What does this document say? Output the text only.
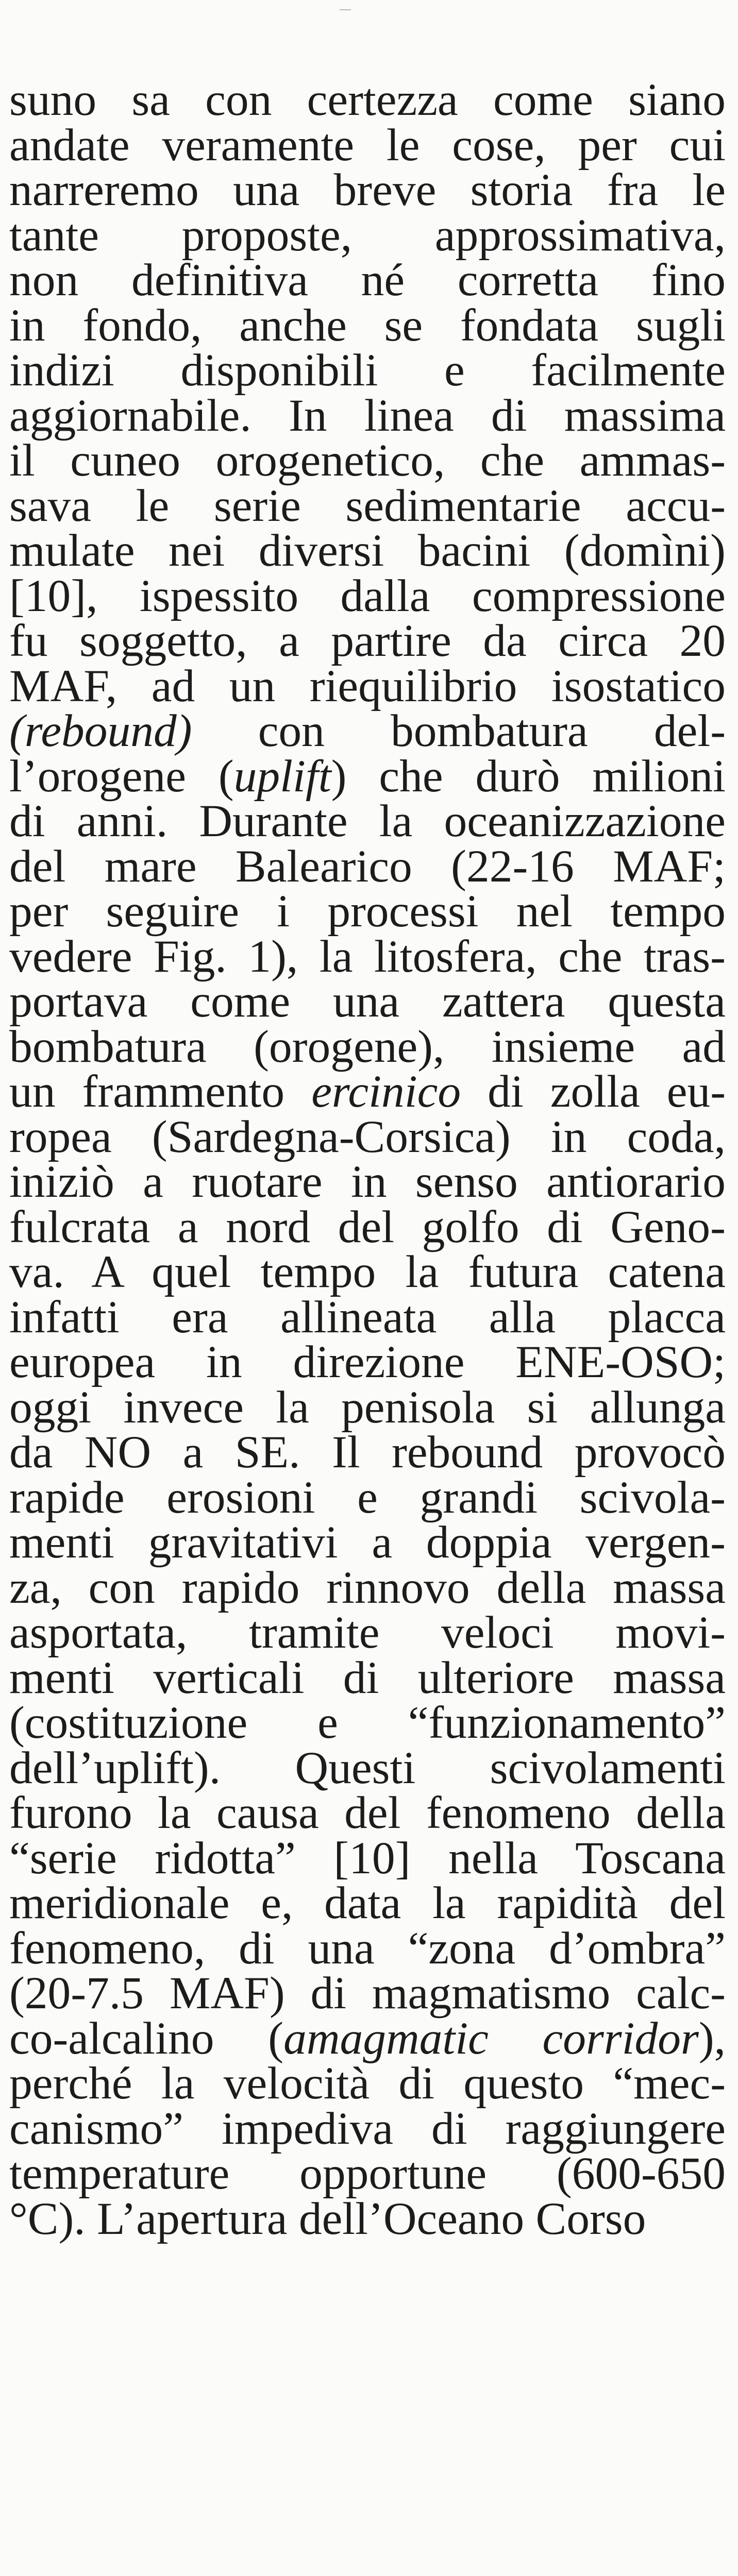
—
suno sa con certezza come siano
andate veramente le cose, per cui
narreremo una breve storia fra le
tante proposte, approssimativa,
non definitiva né corretta fino
in fondo, anche se fondata sugli
indizi disponibili e facilmente
aggiornabile. In linea di massima
il cuneo orogenetico, che ammas-
sava le serie sedimentarie accu-
mulate nei diversi bacini (domìni)
[10], ispessito dalla compressione
fu soggetto, a partire da circa 20
MAF, ad un riequilibrio isostatico
(rebound) con bombatura del-
l’orogene (uplift) che durò milioni
di anni. Durante la oceanizzazione
del mare Balearico (22-16 MAF;
per seguire i processi nel tempo
vedere Fig. 1), la litosfera, che tras-
portava come una zattera questa
bombatura (orogene), insieme ad
un frammento ercinico di zolla eu-
ropea (Sardegna-Corsica) in coda,
iniziò a ruotare in senso antiorario
fulcrata a nord del golfo di Geno-
va. A quel tempo la futura catena
infatti era allineata alla placca
europea in direzione ENE-OSO;
oggi invece la penisola si allunga
da NO a SE. Il rebound provocò
rapide erosioni e grandi scivola-
menti gravitativi a doppia vergen-
za, con rapido rinnovo della massa
asportata, tramite veloci movi-
menti verticali di ulteriore massa
(costituzione e “funzionamento”
dell’uplift). Questi scivolamenti
furono la causa del fenomeno della
“serie ridotta” [10] nella Toscana
meridionale e, data la rapidità del
fenomeno, di una “zona d’ombra”
(20-7.5 MAF) di magmatismo calc-
co-alcalino (amagmatic corridor),
perché la velocità di questo “mec-
canismo” impediva di raggiungere
temperature opportune (600-650
°C). L’apertura dell’Oceano Corso
